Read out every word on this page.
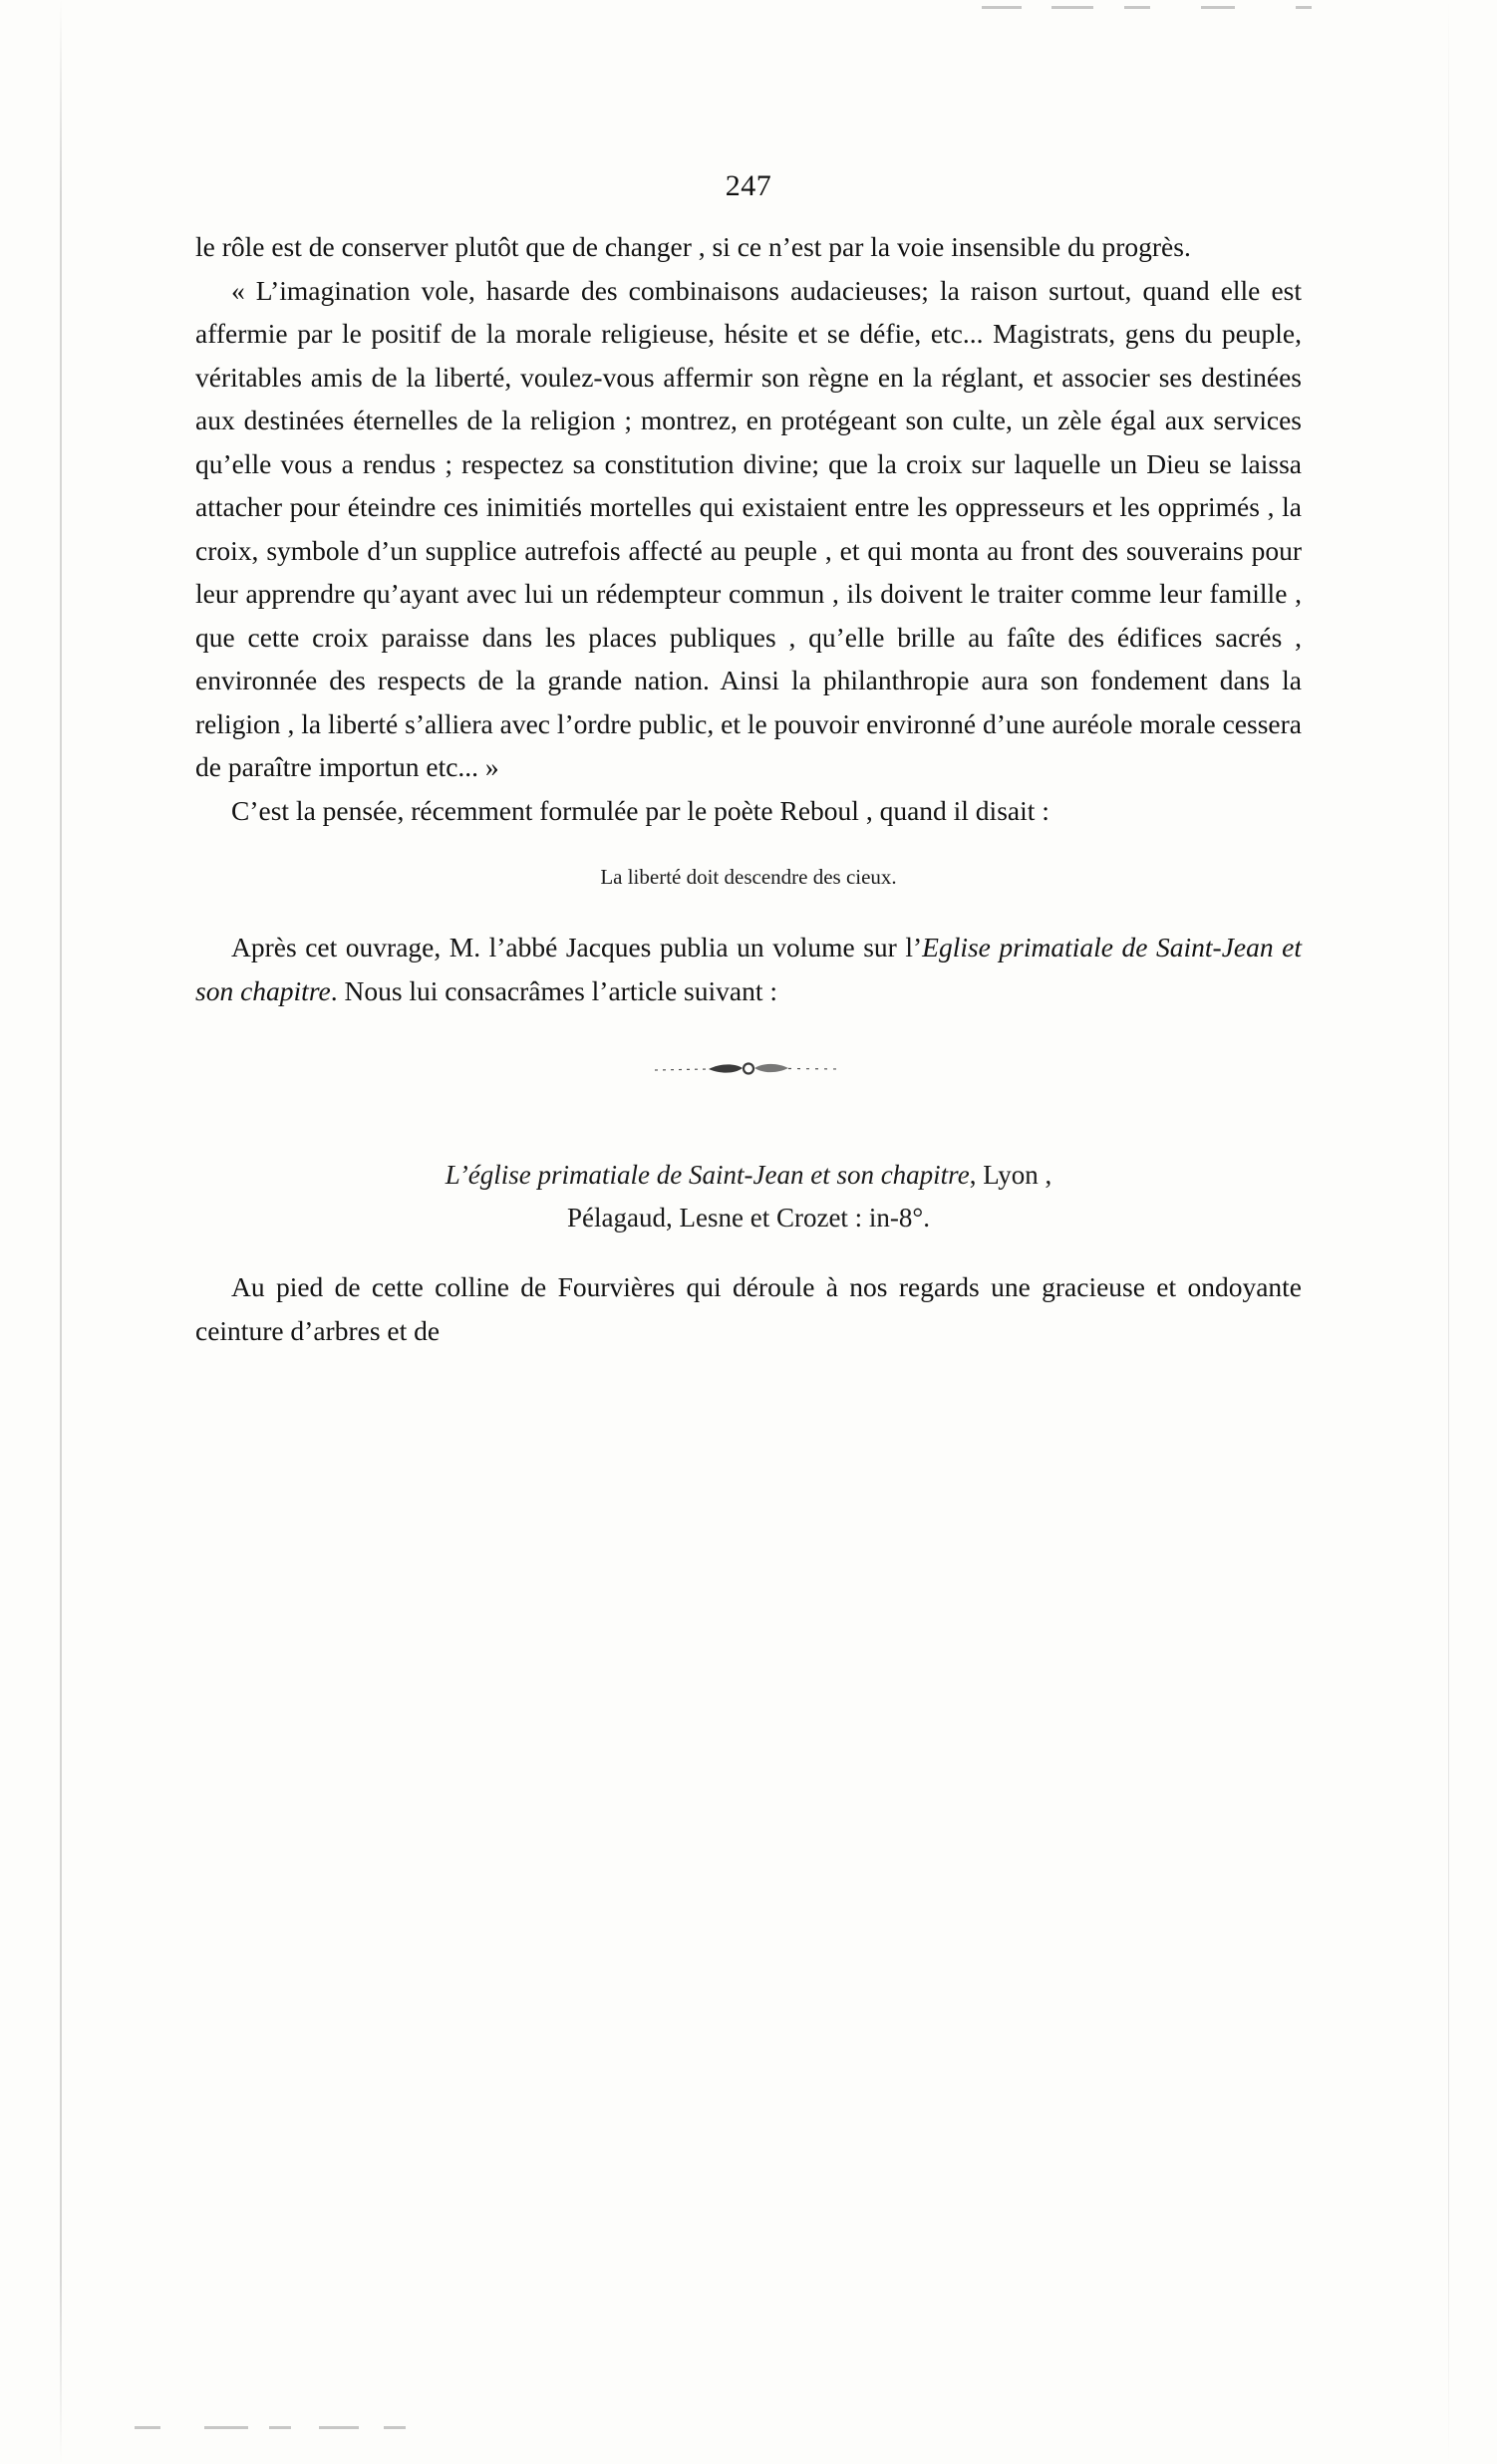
247

le rôle est de conserver plutôt que de changer , si ce n’est par la voie insensible du progrès.

« L’imagination vole, hasarde des combinaisons audacieuses; la raison surtout, quand elle est affermie par le positif de la morale religieuse, hésite et se défie, etc... Magistrats, gens du peuple, véritables amis de la liberté, voulez-vous affermir son règne en la réglant, et associer ses destinées aux destinées éternelles de la religion ; montrez, en protégeant son culte, un zèle égal aux services qu’elle vous a rendus ; respectez sa constitution divine; que la croix sur laquelle un Dieu se laissa attacher pour éteindre ces inimitiés mortelles qui existaient entre les oppresseurs et les opprimés , la croix, symbole d’un supplice autrefois affecté au peuple , et qui monta au front des souverains pour leur apprendre qu’ayant avec lui un rédempteur commun , ils doivent le traiter comme leur famille , que cette croix paraisse dans les places publiques , qu’elle brille au faîte des édifices sacrés , environnée des respects de la grande nation. Ainsi la philanthropie aura son fondement dans la religion , la liberté s’alliera avec l’ordre public, et le pouvoir environné d’une auréole morale cessera de paraître importun etc... »

C’est la pensée, récemment formulée par le poète Reboul , quand il disait :

La liberté doit descendre des cieux.

Après cet ouvrage, M. l’abbé Jacques publia un volume sur l’Eglise primatiale de Saint-Jean et son chapitre. Nous lui consacrâmes l’article suivant :

L’église primatiale de Saint-Jean et son chapitre, Lyon ,
Pélagaud, Lesne et Crozet : in-8°.

Au pied de cette colline de Fourvières qui déroule à nos regards une gracieuse et ondoyante ceinture d’arbres et de
